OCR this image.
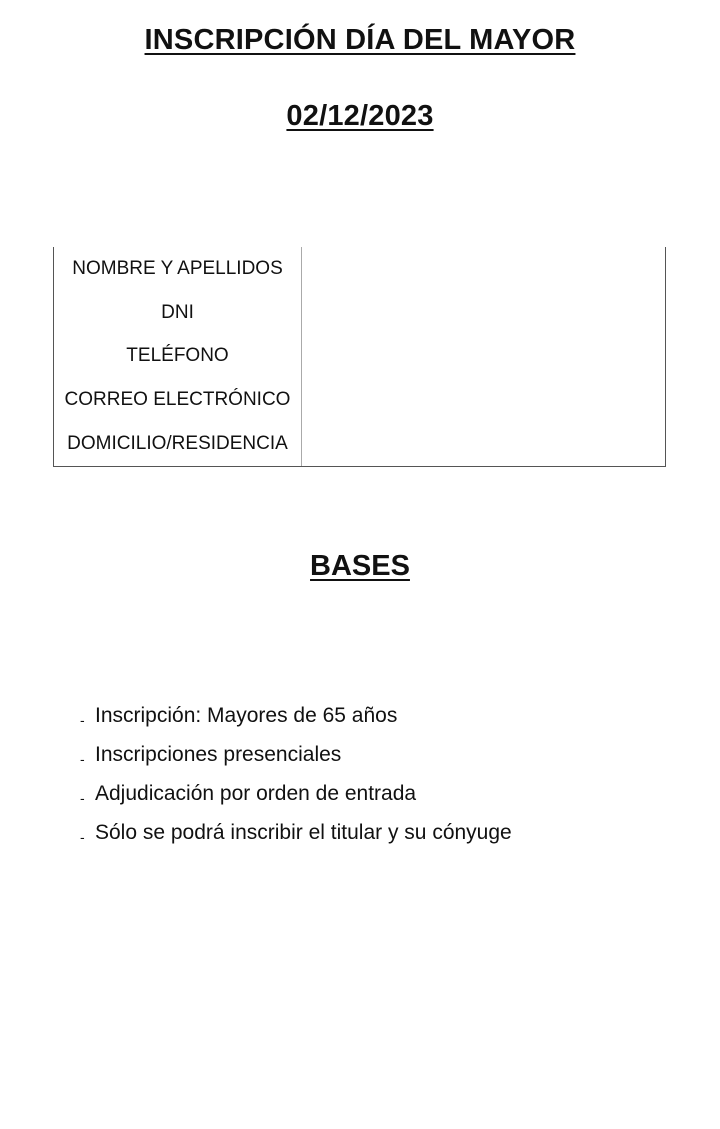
INSCRIPCIÓN DÍA DEL MAYOR
02/12/2023
NOMBRE Y APELLIDOS	
DNI	
TELÉFONO	
CORREO ELECTRÓNICO	
DOMICILIO/RESIDENCIA	
BASES
- Inscripción: Mayores de 65 años
- Inscripciones presenciales
- Adjudicación por orden de entrada
- Sólo se podrá inscribir el titular y su cónyuge
